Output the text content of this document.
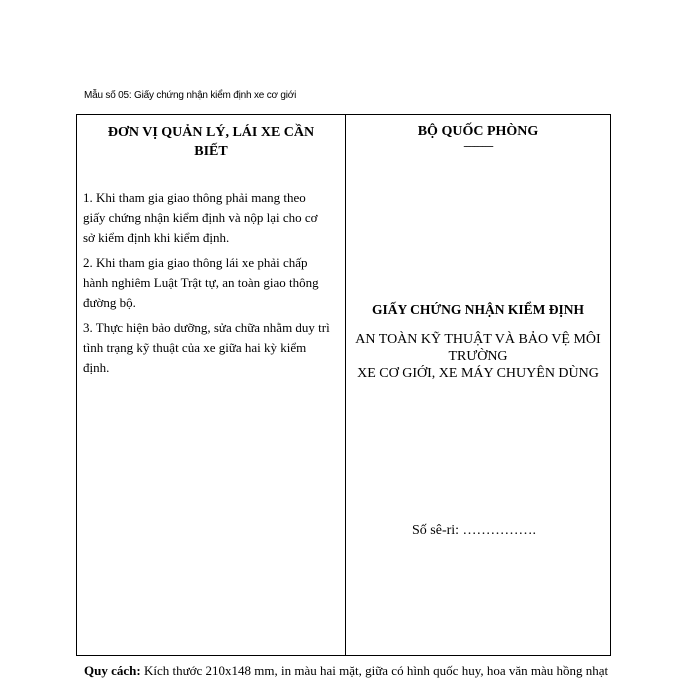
Mẫu số 05: Giấy chứng nhận kiểm định xe cơ giới
ĐƠN VỊ QUẢN LÝ, LÁI XE CẦN BIẾT

1. Khi tham gia giao thông phải mang theo giấy chứng nhận kiểm định và nộp lại cho cơ sở kiểm định khi kiểm định.

2. Khi tham gia giao thông lái xe phải chấp hành nghiêm Luật Trật tự, an toàn giao thông đường bộ.

3. Thực hiện bảo dưỡng, sửa chữa nhằm duy trì tình trạng kỹ thuật của xe giữa hai kỳ kiểm định.

BỘ QUỐC PHÒNG
-----------
GIẤY CHỨNG NHẬN KIỂM ĐỊNH
AN TOÀN KỸ THUẬT VÀ BẢO VỆ MÔI TRƯỜNG
XE CƠ GIỚI, XE MÁY CHUYÊN DÙNG
Số sê-ri: …………….
Quy cách: Kích thước 210x148 mm, in màu hai mặt, giữa có hình quốc huy, hoa văn màu hồng nhạt
